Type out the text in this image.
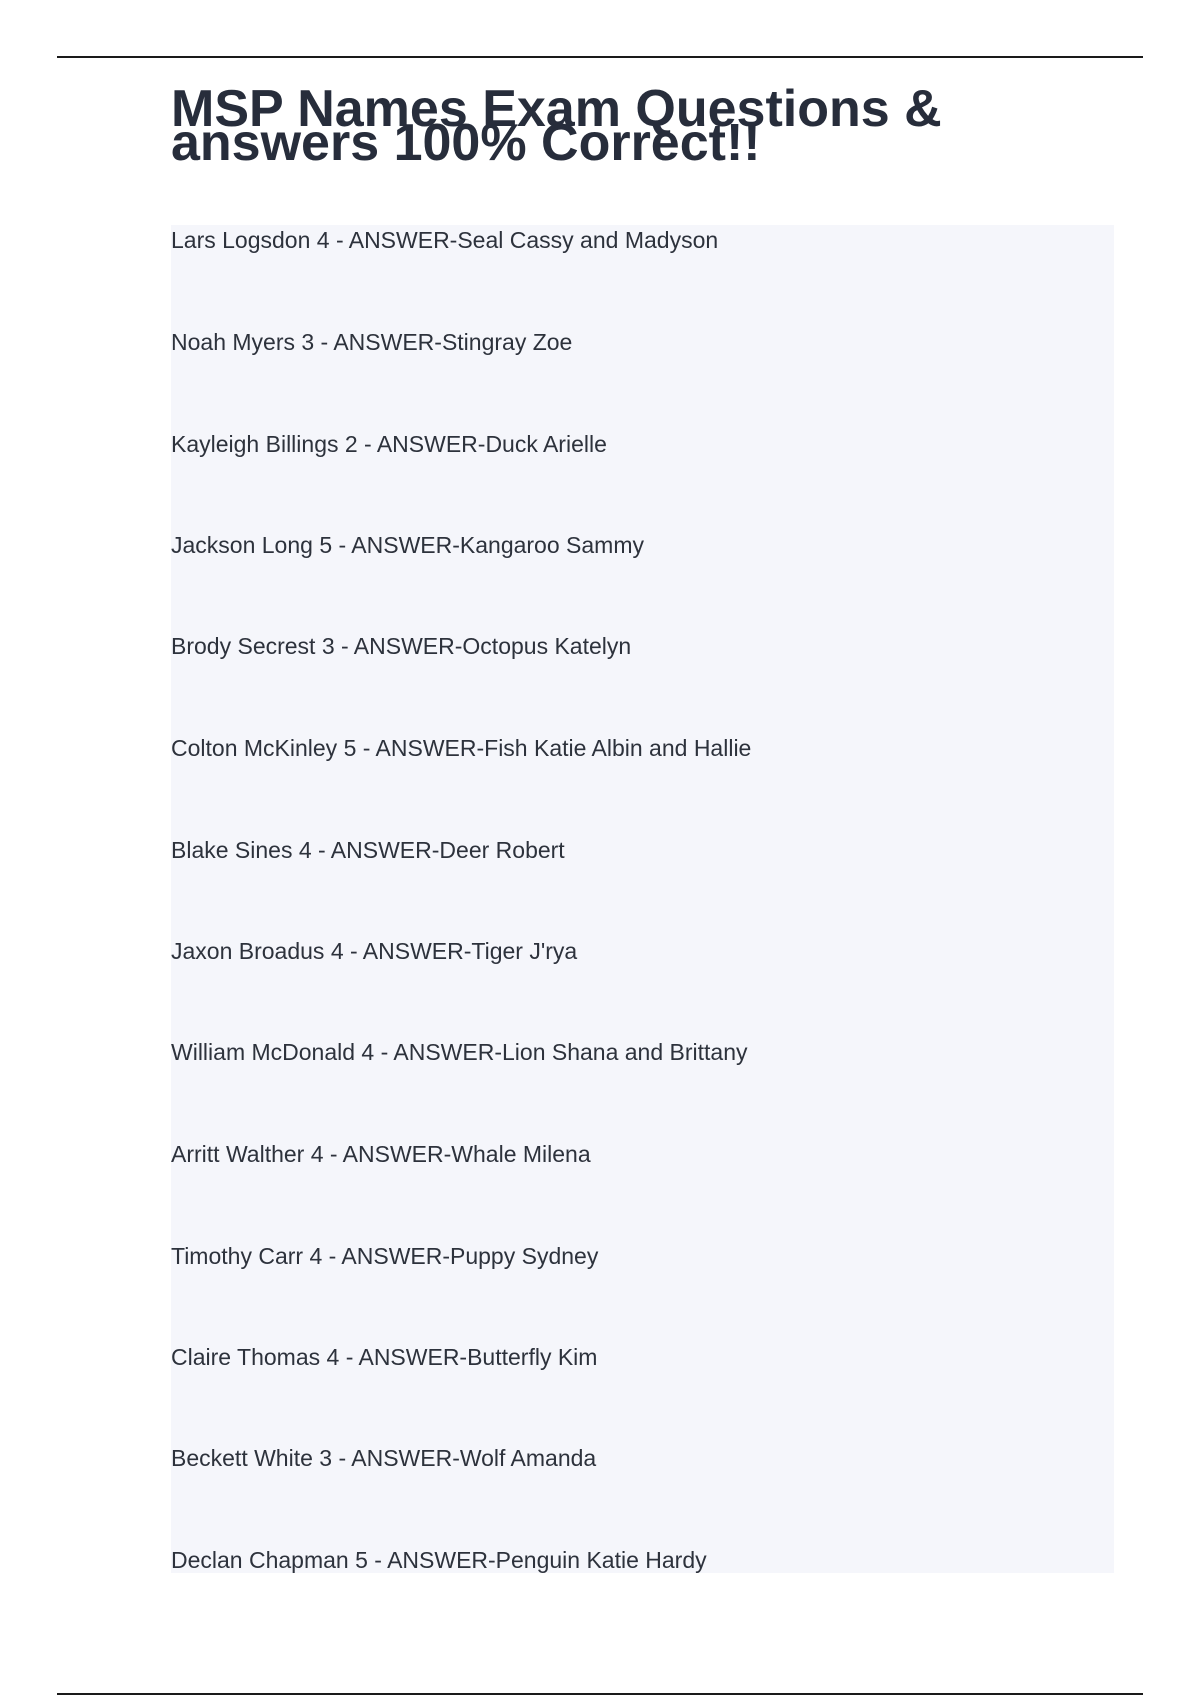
MSP Names Exam Questions & answers 100% Correct!!
Lars Logsdon 4 - ANSWER-Seal Cassy and Madyson
Noah Myers 3 - ANSWER-Stingray Zoe
Kayleigh Billings 2 - ANSWER-Duck Arielle
Jackson Long 5 - ANSWER-Kangaroo Sammy
Brody Secrest 3 - ANSWER-Octopus Katelyn
Colton McKinley 5 - ANSWER-Fish Katie Albin and Hallie
Blake Sines 4 - ANSWER-Deer Robert
Jaxon Broadus 4 - ANSWER-Tiger J'rya
William McDonald 4 - ANSWER-Lion Shana and Brittany
Arritt Walther 4 - ANSWER-Whale Milena
Timothy Carr 4 - ANSWER-Puppy Sydney
Claire Thomas 4 - ANSWER-Butterfly Kim
Beckett White 3 - ANSWER-Wolf Amanda
Declan Chapman 5 - ANSWER-Penguin Katie Hardy
